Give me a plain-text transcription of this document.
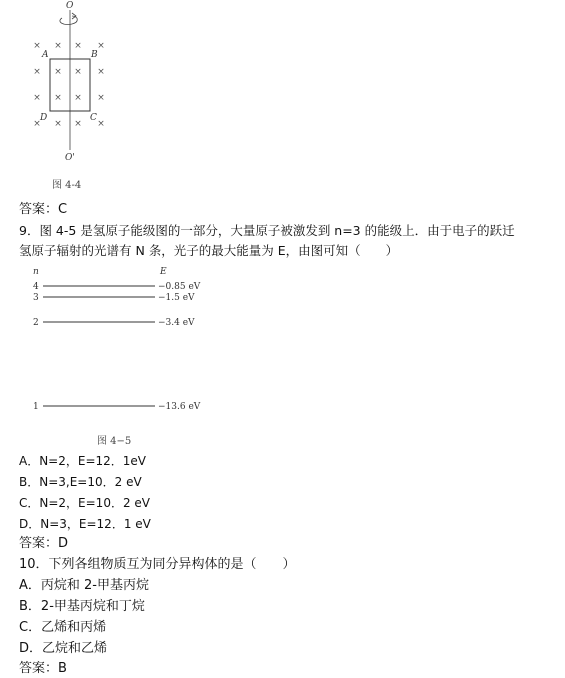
× × × ×
× × × ×
× × × ×
× × × ×
O
A	B
D	C
O'
图 4-4
答案：C
9．图 4-5 是氢原子能级图的一部分，大量原子被激发到 n=3 的能级上．由于电子的跃迁
氢原子辐射的光谱有 N 条，光子的最大能量为 E，由图可知（　　）
n	E
4	−0.85 eV
3	−1.5 eV
2	−3.4 eV
1	−13.6 eV
图 4−5
A．N=2，E=12．1eV
B．N=3,E=10．2 eV
C．N=2，E=10．2 eV
D．N=3，E=12．1 eV
答案：D
10．下列各组物质互为同分异构体的是（　　）
A．丙烷和 2-甲基丙烷
B．2-甲基丙烷和丁烷
C．乙烯和丙烯
D．乙烷和乙烯
答案：B
